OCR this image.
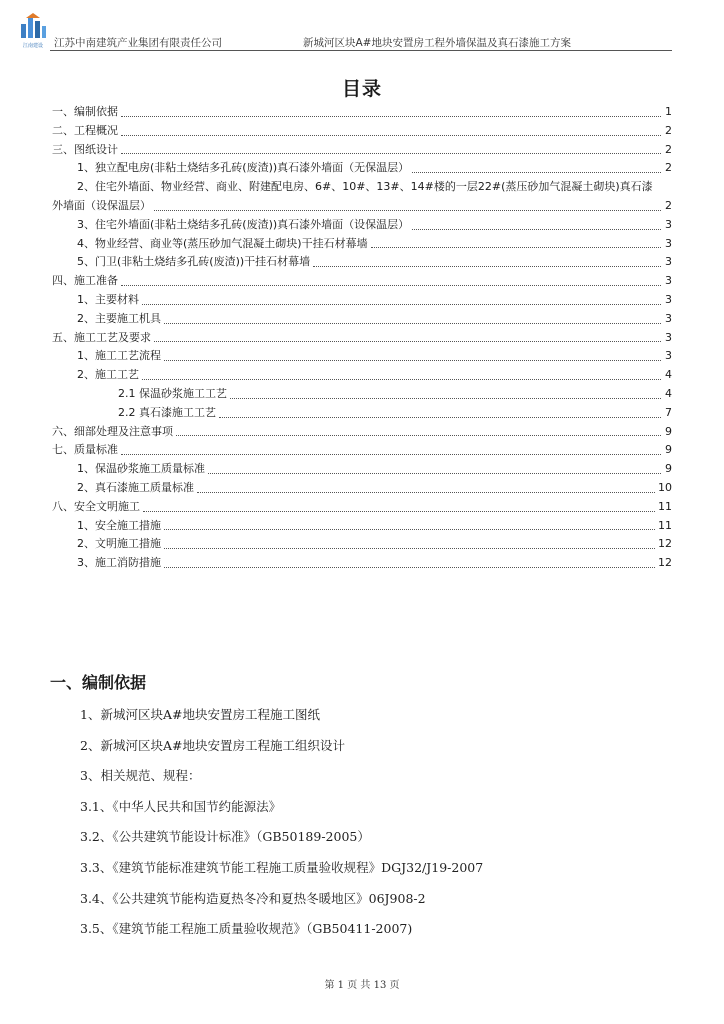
江南建设	江苏中南建筑产业集团有限责任公司	新城河区块A#地块安置房工程外墙保温及真石漆施工方案
目录
一、编制依据	1
二、工程概况	2
三、图纸设计	2
1、独立配电房(非粘土烧结多孔砖(废渣))真石漆外墙面（无保温层）	2
2、住宅外墙面、物业经营、商业、附建配电房、6#、10#、13#、14#楼的一层22#(蒸压砂加气混凝土砌块)真石漆
外墙面（设保温层）	2
3、住宅外墙面(非粘土烧结多孔砖(废渣))真石漆外墙面（设保温层）	3
4、物业经营、商业等(蒸压砂加气混凝土砌块)干挂石材幕墙	3
5、门卫(非粘土烧结多孔砖(废渣))干挂石材幕墙	3
四、施工准备	3
1、主要材料	3
2、主要施工机具	3
五、施工工艺及要求	3
1、施工工艺流程	3
2、施工工艺	4
2.1 保温砂浆施工工艺	4
2.2 真石漆施工工艺	7
六、细部处理及注意事项	9
七、质量标准	9
1、保温砂浆施工质量标准	9
2、真石漆施工质量标准	10
八、安全文明施工	11
1、安全施工措施	11
2、文明施工措施	12
3、施工消防措施	12
一、编制依据
1、新城河区块A#地块安置房工程施工图纸
2、新城河区块A#地块安置房工程施工组织设计
3、相关规范、规程：
3.1、《中华人民共和国节约能源法》
3.2、《公共建筑节能设计标准》（GB50189-2005）
3.3、《建筑节能标准建筑节能工程施工质量验收规程》DGJ32/J19-2007
3.4、《公共建筑节能构造夏热冬冷和夏热冬暖地区》06J908-2
3.5、《建筑节能工程施工质量验收规范》（GB50411-2007)
第 1 页 共 13 页
